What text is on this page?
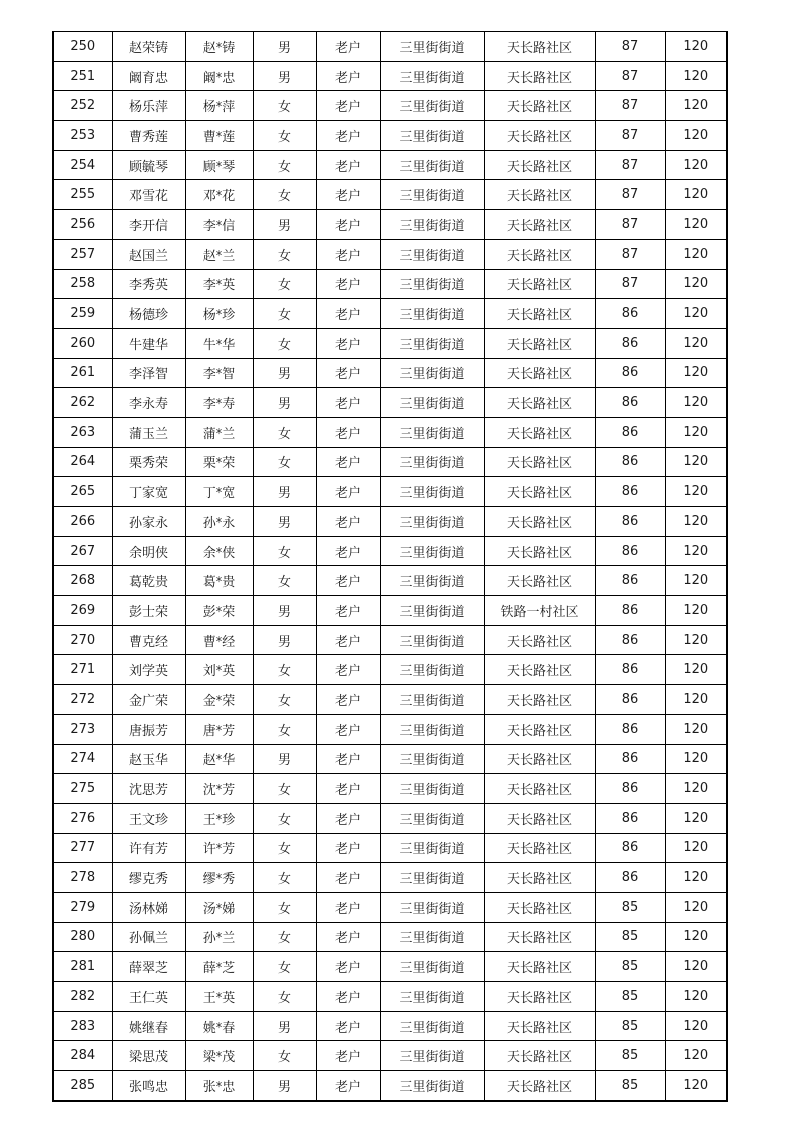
250	赵荣铸	赵*铸	男	老户	三里街街道	天长路社区	87	120
251	阚育忠	阚*忠	男	老户	三里街街道	天长路社区	87	120
252	杨乐萍	杨*萍	女	老户	三里街街道	天长路社区	87	120
253	曹秀莲	曹*莲	女	老户	三里街街道	天长路社区	87	120
254	顾毓琴	顾*琴	女	老户	三里街街道	天长路社区	87	120
255	邓雪花	邓*花	女	老户	三里街街道	天长路社区	87	120
256	李开信	李*信	男	老户	三里街街道	天长路社区	87	120
257	赵国兰	赵*兰	女	老户	三里街街道	天长路社区	87	120
258	李秀英	李*英	女	老户	三里街街道	天长路社区	87	120
259	杨德珍	杨*珍	女	老户	三里街街道	天长路社区	86	120
260	牛建华	牛*华	女	老户	三里街街道	天长路社区	86	120
261	李泽智	李*智	男	老户	三里街街道	天长路社区	86	120
262	李永寿	李*寿	男	老户	三里街街道	天长路社区	86	120
263	蒲玉兰	蒲*兰	女	老户	三里街街道	天长路社区	86	120
264	栗秀荣	栗*荣	女	老户	三里街街道	天长路社区	86	120
265	丁家宽	丁*宽	男	老户	三里街街道	天长路社区	86	120
266	孙家永	孙*永	男	老户	三里街街道	天长路社区	86	120
267	余明侠	余*侠	女	老户	三里街街道	天长路社区	86	120
268	葛乾贵	葛*贵	女	老户	三里街街道	天长路社区	86	120
269	彭士荣	彭*荣	男	老户	三里街街道	铁路一村社区	86	120
270	曹克经	曹*经	男	老户	三里街街道	天长路社区	86	120
271	刘学英	刘*英	女	老户	三里街街道	天长路社区	86	120
272	金广荣	金*荣	女	老户	三里街街道	天长路社区	86	120
273	唐振芳	唐*芳	女	老户	三里街街道	天长路社区	86	120
274	赵玉华	赵*华	男	老户	三里街街道	天长路社区	86	120
275	沈思芳	沈*芳	女	老户	三里街街道	天长路社区	86	120
276	王文珍	王*珍	女	老户	三里街街道	天长路社区	86	120
277	许有芳	许*芳	女	老户	三里街街道	天长路社区	86	120
278	缪克秀	缪*秀	女	老户	三里街街道	天长路社区	86	120
279	汤林娣	汤*娣	女	老户	三里街街道	天长路社区	85	120
280	孙佩兰	孙*兰	女	老户	三里街街道	天长路社区	85	120
281	薛翠芝	薛*芝	女	老户	三里街街道	天长路社区	85	120
282	王仁英	王*英	女	老户	三里街街道	天长路社区	85	120
283	姚继春	姚*春	男	老户	三里街街道	天长路社区	85	120
284	梁思茂	梁*茂	女	老户	三里街街道	天长路社区	85	120
285	张鸣忠	张*忠	男	老户	三里街街道	天长路社区	85	120
